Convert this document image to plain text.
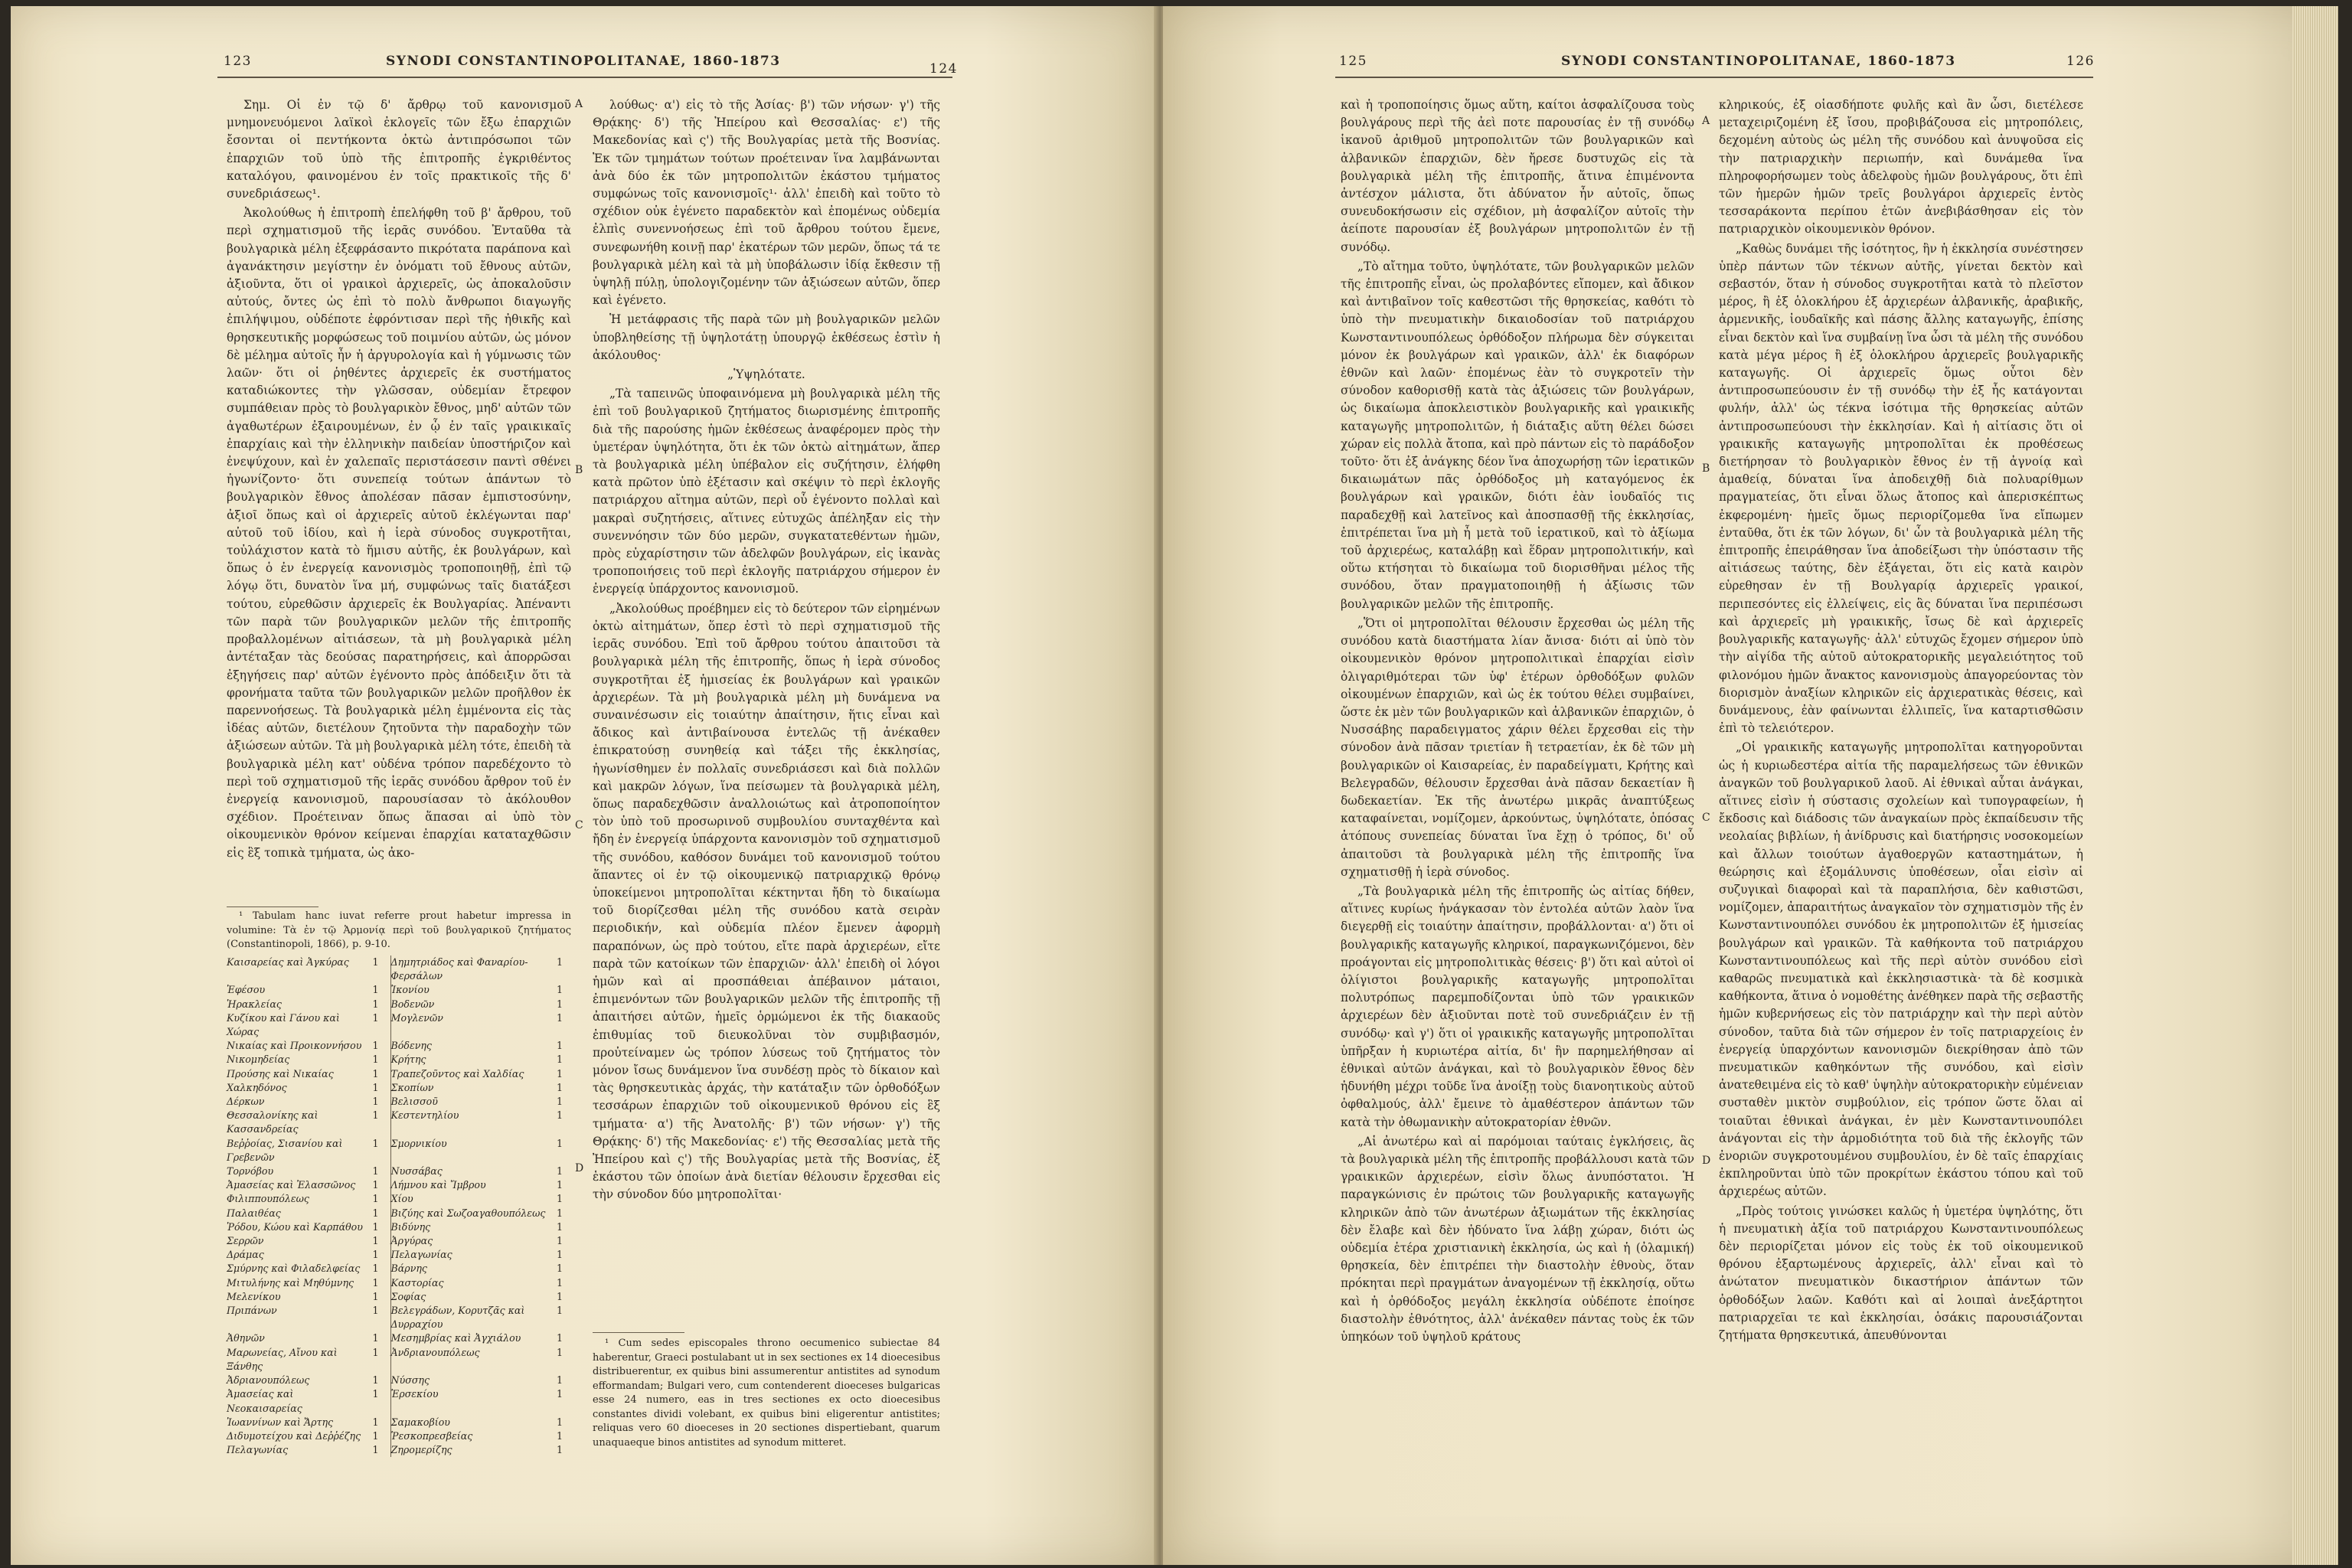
123	SYNODI CONSTANTINOPOLITANAE, 1860-1873	124

Σημ. Οἱ ἐν τῷ δ' ἄρθρῳ τοῦ κανονισμοῦ μνημονευόμενοι λαϊκοὶ ἐκλογεῖς τῶν ἔξω ἐπαρχιῶν ἔσονται οἱ πεντήκοντα ὀκτὼ ἀντιπρόσωποι τῶν ἐπαρχιῶν τοῦ ὑπὸ τῆς ἐπιτροπῆς ἐγκριθέντος καταλόγου, φαινομένου ἐν τοῖς πρακτικοῖς τῆς δ' συνεδριάσεως¹.

Ἀκολούθως ἡ ἐπιτροπὴ ἐπελήφθη τοῦ β' ἄρθρου, τοῦ περὶ σχηματισμοῦ τῆς ἱερᾶς συνόδου. Ἐνταῦθα τὰ βουλγαρικὰ μέλη ἐξεφράσαντο πικρότατα παράπονα καὶ ἀγανάκτησιν μεγίστην ἐν ὀνόματι τοῦ ἔθνους αὐτῶν, ἀξιοῦντα, ὅτι οἱ γραικοὶ ἀρχιερεῖς, ὡς ἀποκαλοῦσιν αὐτούς, ὄντες ὡς ἐπὶ τὸ πολὺ ἄνθρωποι διαγωγῆς ἐπιλήψιμου, οὐδέποτε ἐφρόντισαν περὶ τῆς ἠθικῆς καὶ θρησκευτικῆς μορφώσεως τοῦ ποιμνίου αὐτῶν, ὡς μόνον δὲ μέλημα αὐτοῖς ἦν ἡ ἀργυρολογία καὶ ἡ γύμνωσις τῶν λαῶν· ὅτι οἱ ῥηθέντες ἀρχιερεῖς ἐκ συστήματος καταδιώκοντες τὴν γλῶσσαν, οὐδεμίαν ἔτρεφον συμπάθειαν πρὸς τὸ βουλγαρικὸν ἔθνος, μηδ' αὐτῶν τῶν ἀγαθωτέρων ἐξαιρουμένων, ἐν ᾧ ἐν ταῖς γραικικαῖς ἐπαρχίαις καὶ τὴν ἑλληνικὴν παιδείαν ὑποστήριζον καὶ ἐνεψύχουν, καὶ ἐν χαλεπαῖς περιστάσεσιν παντὶ σθένει ἠγωνίζοντο· ὅτι συνεπείᾳ τούτων ἁπάντων τὸ βουλγαρικὸν ἔθνος ἀπολέσαν πᾶσαν ἐμπιστοσύνην, ἀξιοῖ ὅπως καὶ οἱ ἀρχιερεῖς αὐτοῦ ἐκλέγωνται παρ' αὐτοῦ τοῦ ἰδίου, καὶ ἡ ἱερὰ σύνοδος συγκροτῆται, τοὐλάχιστον κατὰ τὸ ἥμισυ αὐτῆς, ἐκ βουλγάρων, καὶ ὅπως ὁ ἐν ἐνεργείᾳ κανονισμὸς τροποποιηθῇ, ἐπὶ τῷ λόγῳ ὅτι, δυνατὸν ἵνα μή, συμφώνως ταῖς διατάξεσι τούτου, εὑρεθῶσιν ἀρχιερεῖς ἐκ Βουλγαρίας. Ἀπέναντι τῶν παρὰ τῶν βουλγαρικῶν μελῶν τῆς ἐπιτροπῆς προβαλλομένων αἰτιάσεων, τὰ μὴ βουλγαρικὰ μέλη ἀντέταξαν τὰς δεούσας παρατηρήσεις, καὶ ἀπορρῶσαι ἐξηγήσεις παρ' αὐτῶν ἐγένοντο πρὸς ἀπόδειξιν ὅτι τὰ φρονήματα ταῦτα τῶν βουλγαρικῶν μελῶν προῆλθον ἐκ παρεννοήσεως. Τὰ βουλγαρικὰ μέλη ἐμμένοντα εἰς τὰς ἰδέας αὐτῶν, διετέλουν ζητοῦντα τὴν παραδοχὴν τῶν ἀξιώσεων αὐτῶν. Τὰ μὴ βουλγαρικὰ μέλη τότε, ἐπειδὴ τὰ βουλγαρικὰ μέλη κατ' οὐδένα τρόπον παρεδέχοντο τὸ περὶ τοῦ σχηματισμοῦ τῆς ἱερᾶς συνόδου ἄρθρον τοῦ ἐν ἐνεργείᾳ κανονισμοῦ, παρουσίασαν τὸ ἀκόλουθον σχέδιον. Προέτειναν ὅπως ἅπασαι αἱ ὑπὸ τὸν οἰκουμενικὸν θρόνον κείμεναι ἐπαρχίαι καταταχθῶσιν εἰς ἓξ τοπικὰ τμήματα, ὡς ἀκο-

λούθως· α') εἰς τὸ τῆς Ἀσίας· β') τῶν νήσων· γ') τῆς Θρᾴκης· δ') τῆς Ἠπείρου καὶ Θεσσαλίας· ε') τῆς Μακεδονίας καὶ ς') τῆς Βουλγαρίας μετὰ τῆς Βοσνίας. Ἐκ τῶν τμημάτων τούτων προέτειναν ἵνα λαμβάνωνται ἀνὰ δύο ἐκ τῶν μητροπολιτῶν ἑκάστου τμήματος συμφώνως τοῖς κανονισμοῖς¹· ἀλλ' ἐπειδὴ καὶ τοῦτο τὸ σχέδιον οὐκ ἐγένετο παραδεκτὸν καὶ ἐπομένως οὐδεμία ἐλπὶς συνεννοήσεως ἐπὶ τοῦ ἄρθρου τούτου ἔμενε, συνεφωνήθη κοινῇ παρ' ἑκατέρων τῶν μερῶν, ὅπως τά τε βουλγαρικὰ μέλη καὶ τὰ μὴ ὑποβάλωσιν ἰδίᾳ ἔκθεσιν τῇ ὑψηλῇ πύλῃ, ὑπολογιζομένην τῶν ἀξιώσεων αὐτῶν, ὅπερ καὶ ἐγένετο.

Ἡ μετάφρασις τῆς παρὰ τῶν μὴ βουλγαρικῶν μελῶν ὑποβληθείσης τῇ ὑψηλοτάτῃ ὑπουργῷ ἐκθέσεως ἐστὶν ἡ ἀκόλουθος·

„Ὑψηλότατε.

„Τὰ ταπεινῶς ὑποφαινόμενα μὴ βουλγαρικὰ μέλη τῆς ἐπὶ τοῦ βουλγαρικοῦ ζητήματος διωρισμένης ἐπιτροπῆς διὰ τῆς παρούσης ἡμῶν ἐκθέσεως ἀναφέρομεν πρὸς τὴν ὑμετέραν ὑψηλότητα, ὅτι ἐκ τῶν ὀκτὼ αἰτημάτων, ἅπερ τὰ βουλγαρικὰ μέλη ὑπέβαλον εἰς συζήτησιν, ἐλήφθη κατὰ πρῶτον ὑπὸ ἐξέτασιν καὶ σκέψιν τὸ περὶ ἐκλογῆς πατριάρχου αἴτημα αὐτῶν, περὶ οὗ ἐγένοντο πολλαὶ καὶ μακραὶ συζητήσεις, αἵτινες εὐτυχῶς ἀπέληξαν εἰς τὴν συνεννόησιν τῶν δύο μερῶν, συγκατατεθέντων ἡμῶν, πρὸς εὐχαρίστησιν τῶν ἀδελφῶν βουλγάρων, εἰς ἱκανὰς τροποποιήσεις τοῦ περὶ ἐκλογῆς πατριάρχου σήμερον ἐν ἐνεργείᾳ ὑπάρχοντος κανονισμοῦ.

„Ἀκολούθως προέβημεν εἰς τὸ δεύτερον τῶν εἰρημένων ὀκτὼ αἰτημάτων, ὅπερ ἐστὶ τὸ περὶ σχηματισμοῦ τῆς ἱερᾶς συνόδου. Ἐπὶ τοῦ ἄρθρου τούτου ἀπαιτοῦσι τὰ βουλγαρικὰ μέλη τῆς ἐπιτροπῆς, ὅπως ἡ ἱερὰ σύνοδος συγκροτῆται ἐξ ἡμισείας ἐκ βουλγάρων καὶ γραικῶν ἀρχιερέων. Τὰ μὴ βουλγαρικὰ μέλη μὴ δυνάμενα να συναινέσωσιν εἰς τοιαύτην ἀπαίτησιν, ἥτις εἶναι καὶ ἄδικος καὶ ἀντιβαίνουσα ἐντελῶς τῇ ἀνέκαθεν ἐπικρατούσῃ συνηθείᾳ καὶ τάξει τῆς ἐκκλησίας, ἠγωνίσθημεν ἐν πολλαῖς συνεδριάσεσι καὶ διὰ πολλῶν καὶ μακρῶν λόγων, ἵνα πείσωμεν τὰ βουλγαρικὰ μέλη, ὅπως παραδεχθῶσιν ἀναλλοιώτως καὶ ἀτροποποίητον τὸν ὑπὸ τοῦ προσωρινοῦ συμβουλίου συνταχθέντα καὶ ἤδη ἐν ἐνεργείᾳ ὑπάρχοντα κανονισμὸν τοῦ σχηματισμοῦ τῆς συνόδου, καθόσον δυνάμει τοῦ κανονισμοῦ τούτου ἅπαντες οἱ ἐν τῷ οἰκουμενικῷ πατριαρχικῷ θρόνῳ ὑποκείμενοι μητροπολῖται κέκτηνται ἤδη τὸ δικαίωμα τοῦ διορίζεσθαι μέλη τῆς συνόδου κατὰ σειρὰν περιοδικήν, καὶ οὐδεμία πλέον ἔμενεν ἀφορμὴ παραπόνων, ὡς πρὸ τούτου, εἴτε παρὰ ἀρχιερέων, εἴτε παρὰ τῶν κατοίκων τῶν ἐπαρχιῶν· ἀλλ' ἐπειδὴ οἱ λόγοι ἡμῶν καὶ αἱ προσπάθειαι ἀπέβαινον μάταιοι, ἐπιμενόντων τῶν βουλγαρικῶν μελῶν τῆς ἐπιτροπῆς τῇ ἀπαιτήσει αὐτῶν, ἡμεῖς ὁρμώμενοι ἐκ τῆς διακαοῦς ἐπιθυμίας τοῦ διευκολῦναι τὸν συμβιβασμόν, προὐτείναμεν ὡς τρόπον λύσεως τοῦ ζητήματος τὸν μόνον ἴσως δυνάμενον ἵνα συνδέσῃ πρὸς τὸ δίκαιον καὶ τὰς θρησκευτικὰς ἀρχάς, τὴν κατάταξιν τῶν ὀρθοδόξων τεσσάρων ἐπαρχιῶν τοῦ οἰκουμενικοῦ θρόνου εἰς ἓξ τμήματα· α') τῆς Ἀνατολῆς· β') τῶν νήσων· γ') τῆς Θρᾴκης· δ') τῆς Μακεδονίας· ε') τῆς Θεσσαλίας μετὰ τῆς Ἠπείρου καὶ ς') τῆς Βουλγαρίας μετὰ τῆς Βοσνίας, ἐξ ἑκάστου τῶν ὁποίων ἀνὰ διετίαν θέλουσιν ἔρχεσθαι εἰς τὴν σύνοδον δύο μητροπολῖται·

¹ Tabulam hanc iuvat referre prout habetur impressa in volumine: Τὰ ἐν τῷ Ἀρμονίᾳ περὶ τοῦ βουλγαρικοῦ ζητήματος (Constantinopoli, 1866), p. 9-10.

Καισαρείας καὶ Ἀγκύρας	1		Δημητριάδος καὶ Φαναρίου-Φερσάλων	1
Ἐφέσου	1		Ἰκονίου	1
Ἡρακλείας	1		Βοδενῶν	1
Κυζίκου καὶ Γάνου καὶ Χώρας	1		Μογλενῶν	1
Νικαίας καὶ Προικοννήσου	1		Βόδενης	1
Νικομηδείας	1		Κρήτης	1
Προύσης καὶ Νικαίας	1		Τραπεζοῦντος καὶ Χαλδίας	1
Χαλκηδόνος	1		Σκοπίων	1
Δέρκων	1		Βελισσοῦ	1
Θεσσαλονίκης καὶ Κασσανδρείας	1		Κεστεντηλίου	1
Βεῤῥοίας, Σισανίου καὶ Γρεβενῶν	1		Σμορνικίου	1
Τορνόβου	1		Νυσσάβας	1
Ἀμασείας καὶ Ἐλασσῶνος	1		Λήμνου καὶ Ἴμβρου	1
Φιλιππουπόλεως	1		Χίου	1
Παλαιθέας	1		Βιζύης καὶ Σωζοαγαθουπόλεως	1
Ῥόδου, Κώου καὶ Καρπάθου	1		Βιδύνης	1
Σερρῶν	1		Ἀργύρας	1
Δράμας	1		Πελαγωνίας	1
Σμύρνης καὶ Φιλαδελφείας	1		Βάρνης	1
Μιτυλήνης καὶ Μηθύμνης	1		Καστορίας	1
Μελενίκου	1		Σοφίας	1
Πριπάνων	1		Βελεγράδων, Κορυτζᾶς καὶ Δυρραχίου	1
Ἀθηνῶν	1		Μεσημβρίας καὶ Ἀγχιάλου	1
Μαρωνείας, Αἴνου καὶ Ξάνθης	1		Ἀνδριανουπόλεως	1
Ἀδριανουπόλεως	1		Νύσσης	1
Ἀμασείας καὶ Νεοκαισαρείας	1		Ἐρσεκίου	1
Ἰωαννίνων καὶ Ἄρτης	1		Σαμακοβίου	1
Διδυμοτείχου καὶ Δεῤῥέζης	1		Ῥεσκοπρεσβείας	1
Πελαγωνίας	1		Ζηρομερίζης	1

¹ Cum sedes episcopales throno oecumenico subiectae 84 haberentur, Graeci postulabant ut in sex sectiones ex 14 dioecesibus distribuerentur, ex quibus bini assumerentur antistites ad synodum efformandam; Bulgari vero, cum contenderent dioeceses bulgaricas esse 24 numero, eas in tres sectiones ex octo dioecesibus constantes dividi volebant, ex quibus bini eligerentur antistites; reliquas vero 60 dioeceses in 20 sectiones dispertiebant, quarum unaquaeque binos antistites ad synodum mitteret.

A
B
C
D
125	SYNODI CONSTANTINOPOLITANAE, 1860-1873	126

καὶ ἡ τροποποίησις ὅμως αὕτη, καίτοι ἀσφαλίζουσα τοὺς βουλγάρους περὶ τῆς ἀεὶ ποτε παρουσίας ἐν τῇ συνόδῳ ἱκανοῦ ἀριθμοῦ μητροπολιτῶν τῶν βουλγαρικῶν καὶ ἀλβανικῶν ἐπαρχιῶν, δὲν ἤρεσε δυστυχῶς εἰς τὰ βουλγαρικὰ μέλη τῆς ἐπιτροπῆς, ἅτινα ἐπιμένοντα ἀντέσχον μάλιστα, ὅτι ἀδύνατον ἦν αὐτοῖς, ὅπως συνευδοκήσωσιν εἰς σχέδιον, μὴ ἀσφαλίζον αὐτοῖς τὴν ἀείποτε παρουσίαν ἐξ βουλγάρων μητροπολιτῶν ἐν τῇ συνόδῳ.

„Τὸ αἴτημα τοῦτο, ὑψηλότατε, τῶν βουλγαρικῶν μελῶν τῆς ἐπιτροπῆς εἶναι, ὡς προλαβόντες εἴπομεν, καὶ ἄδικον καὶ ἀντιβαῖνον τοῖς καθεστῶσι τῆς θρησκείας, καθότι τὸ ὑπὸ τὴν πνευματικὴν δικαιοδοσίαν τοῦ πατριάρχου Κωνσταντινουπόλεως ὀρθόδοξον πλήρωμα δὲν σύγκειται μόνον ἐκ βουλγάρων καὶ γραικῶν, ἀλλ' ἐκ διαφόρων ἐθνῶν καὶ λαῶν· ἐπομένως ἐὰν τὸ συγκροτεῖν τὴν σύνοδον καθορισθῇ κατὰ τὰς ἀξιώσεις τῶν βουλγάρων, ὡς δικαίωμα ἀποκλειστικὸν βουλγαρικῆς καὶ γραικικῆς καταγωγῆς μητροπολιτῶν, ἡ διάταξις αὕτη θέλει δώσει χώραν εἰς πολλὰ ἄτοπα, καὶ πρὸ πάντων εἰς τὸ παράδοξον τοῦτο· ὅτι ἐξ ἀνάγκης δέον ἵνα ἀποχωρήσῃ τῶν ἱερατικῶν δικαιωμάτων πᾶς ὀρθόδοξος μὴ καταγόμενος ἐκ βουλγάρων καὶ γραικῶν, διότι ἐὰν ἰουδαῖός τις παραδεχθῇ καὶ λατεῖνος καὶ ἀποσπασθῇ τῆς ἐκκλησίας, ἐπιτρέπεται ἵνα μὴ ἦ μετὰ τοῦ ἱερατικοῦ, καὶ τὸ ἀξίωμα τοῦ ἀρχιερέως, καταλάβῃ καὶ ἕδραν μητροπολιτικήν, καὶ οὕτω κτήσηται τὸ δικαίωμα τοῦ διορισθῆναι μέλος τῆς συνόδου, ὅταν πραγματοποιηθῇ ἡ ἀξίωσις τῶν βουλγαρικῶν μελῶν τῆς ἐπιτροπῆς.

„Ὅτι οἱ μητροπολῖται θέλουσιν ἔρχεσθαι ὡς μέλη τῆς συνόδου κατὰ διαστήματα λίαν ἄνισα· διότι αἱ ὑπὸ τὸν οἰκουμενικὸν θρόνον μητροπολιτικαὶ ἐπαρχίαι εἰσὶν ὀλιγαριθμότεραι τῶν ὑφ' ἑτέρων ὀρθοδόξων φυλῶν οἰκουμένων ἐπαρχιῶν, καὶ ὡς ἐκ τούτου θέλει συμβαίνει, ὥστε ἐκ μὲν τῶν βουλγαρικῶν καὶ ἀλβανικῶν ἐπαρχιῶν, ὁ Νυσσάβης παραδειγματος χάριν θέλει ἔρχεσθαι εἰς τὴν σύνοδον ἀνὰ πᾶσαν τριετίαν ἢ τετραετίαν, ἐκ δὲ τῶν μὴ βουλγαρικῶν οἱ Καισαρείας, ἐν παραδείγματι, Κρήτης καὶ Βελεγραδῶν, θέλουσιν ἔρχεσθαι ἀνὰ πᾶσαν δεκαετίαν ἢ δωδεκαετίαν. Ἐκ τῆς ἀνωτέρω μικρᾶς ἀναπτύξεως καταφαίνεται, νομίζομεν, ἀρκούντως, ὑψηλότατε, ὁπόσας ἀτόπους συνεπείας δύναται ἵνα ἔχῃ ὁ τρόπος, δι' οὗ ἀπαιτοῦσι τὰ βουλγαρικὰ μέλη τῆς ἐπιτροπῆς ἵνα σχηματισθῇ ἡ ἱερὰ σύνοδος.

„Τὰ βουλγαρικὰ μέλη τῆς ἐπιτροπῆς ὡς αἰτίας δήθεν, αἵτινες κυρίως ἠνάγκασαν τὸν ἐντολέα αὐτῶν λαὸν ἵνα διεγερθῇ εἰς τοιαύτην ἀπαίτησιν, προβάλλονται· α') ὅτι οἱ βουλγαρικῆς καταγωγῆς κληρικοί, παραγκωνιζόμενοι, δὲν προάγονται εἰς μητροπολιτικὰς θέσεις· β') ὅτι καὶ αὐτοὶ οἱ ὀλίγιστοι βουλγαρικῆς καταγωγῆς μητροπολῖται πολυτρόπως παρεμποδίζονται ὑπὸ τῶν γραικικῶν ἀρχιερέων δὲν ἀξιοῦνται ποτὲ τοῦ συνεδριάζειν ἐν τῇ συνόδῳ· καὶ γ') ὅτι οἱ γραικικῆς καταγωγῆς μητροπολῖται ὑπῆρξαν ἡ κυριωτέρα αἰτία, δι' ἣν παρημελήθησαν αἱ ἐθνικαὶ αὐτῶν ἀνάγκαι, καὶ τὸ βουλγαρικὸν ἔθνος δὲν ἠδυνήθη μέχρι τοῦδε ἵνα ἀνοίξῃ τοὺς διανοητικοὺς αὐτοῦ ὀφθαλμούς, ἀλλ' ἔμεινε τὸ ἀμαθέστερον ἁπάντων τῶν κατὰ τὴν ὀθωμανικὴν αὐτοκρατορίαν ἐθνῶν.

„Αἱ ἀνωτέρω καὶ αἱ παρόμοιαι ταύταις ἐγκλήσεις, ἃς τὰ βουλγαρικὰ μέλη τῆς ἐπιτροπῆς προβάλλουσι κατὰ τῶν γραικικῶν ἀρχιερέων, εἰσὶν ὅλως ἀνυπόστατοι. Ἡ παραγκώνισις ἐν πρώτοις τῶν βουλγαρικῆς καταγωγῆς κληρικῶν ἀπὸ τῶν ἀνωτέρων ἀξιωμάτων τῆς ἐκκλησίας δὲν ἔλαβε καὶ δὲν ἠδύνατο ἵνα λάβῃ χώραν, διότι ὡς οὐδεμία ἑτέρα χριστιανικὴ ἐκκλησία, ὡς καὶ ἡ (ὀλαμική) θρησκεία, δὲν ἐπιτρέπει τὴν διαστολὴν ἐθνοὺς, ὅταν πρόκηται περὶ πραγμάτων ἀναγομένων τῇ ἐκκλησίᾳ, οὕτω καὶ ἡ ὀρθόδοξος μεγάλη ἐκκλησία οὐδέποτε ἐποίησε διαστολὴν ἐθνότητος, ἀλλ' ἀνέκαθεν πάντας τοὺς ἐκ τῶν ὑπηκόων τοῦ ὑψηλοῦ κράτους

κληρικούς, ἐξ οἱασδήποτε φυλῆς καὶ ἂν ὦσι, διετέλεσε μεταχειριζομένη ἐξ ἴσου, προβιβάζουσα εἰς μητροπόλεις, δεχομένη αὐτοὺς ὡς μέλη τῆς συνόδου καὶ ἀνυψοῦσα εἰς τὴν πατριαρχικὴν περιωπήν, καὶ δυνάμεθα ἵνα πληροφορήσωμεν τοὺς ἀδελφοὺς ἡμῶν βουλγάρους, ὅτι ἐπὶ τῶν ἡμερῶν ἡμῶν τρεῖς βουλγάροι ἀρχιερεῖς ἐντὸς τεσσαράκοντα περίπου ἐτῶν ἀνεβιβάσθησαν εἰς τὸν πατριαρχικὸν οἰκουμενικὸν θρόνον.

„Καθὼς δυνάμει τῆς ἰσότητος, ἣν ἡ ἐκκλησία συνέστησεν ὑπὲρ πάντων τῶν τέκνων αὐτῆς, γίνεται δεκτὸν καὶ σεβαστόν, ὅταν ἡ σύνοδος συγκροτῆται κατὰ τὸ πλεῖστον μέρος, ἢ ἐξ ὁλοκλήρου ἐξ ἀρχιερέων ἀλβανικῆς, ἀραβικῆς, ἀρμενικῆς, ἰουδαϊκῆς καὶ πάσης ἄλλης καταγωγῆς, ἐπίσης εἶναι δεκτὸν καὶ ἵνα συμβαίνῃ ἵνα ὦσι τὰ μέλη τῆς συνόδου κατὰ μέγα μέρος ἢ ἐξ ὁλοκλήρου ἀρχιερεῖς βουλγαρικῆς καταγωγῆς. Οἱ ἀρχιερεῖς ὅμως οὗτοι δὲν ἀντιπροσωπεύουσιν ἐν τῇ συνόδῳ τὴν ἐξ ἧς κατάγονται φυλήν, ἀλλ' ὡς τέκνα ἰσότιμα τῆς θρησκείας αὐτῶν ἀντιπροσωπεύουσι τὴν ἐκκλησίαν. Καὶ ἡ αἰτίασις ὅτι οἱ γραικικῆς καταγωγῆς μητροπολῖται ἐκ προθέσεως διετήρησαν τὸ βουλγαρικὸν ἔθνος ἐν τῇ ἀγνοίᾳ καὶ ἀμαθείᾳ, δύναται ἵνα ἀποδειχθῇ διὰ πολυαρίθμων πραγματείας, ὅτι εἶναι ὅλως ἄτοπος καὶ ἀπερισκέπτως ἐκφερομένη· ἡμεῖς ὅμως περιορίζομεθα ἵνα εἴπωμεν ἐνταῦθα, ὅτι ἐκ τῶν λόγων, δι' ὧν τὰ βουλγαρικὰ μέλη τῆς ἐπιτροπῆς ἐπειράθησαν ἵνα ἀποδείξωσι τὴν ὑπόστασιν τῆς αἰτιάσεως ταύτης, δὲν ἐξάγεται, ὅτι εἰς κατὰ καιρὸν εὑρεθησαν ἐν τῇ Βουλγαρίᾳ ἀρχιερεῖς γραικοί, περιπεσόντες εἰς ἐλλείψεις, εἰς ἃς δύναται ἵνα περιπέσωσι καὶ ἀρχιερεῖς μὴ γραικικῆς, ἴσως δὲ καὶ ἀρχιερεῖς βουλγαρικῆς καταγωγῆς· ἀλλ' εὐτυχῶς ἔχομεν σήμερον ὑπὸ τὴν αἰγίδα τῆς αὐτοῦ αὐτοκρατορικῆς μεγαλειότητος τοῦ φιλονόμου ἡμῶν ἄνακτος κανονισμοὺς ἀπαγορεύοντας τὸν διορισμὸν ἀναξίων κληρικῶν εἰς ἀρχιερατικὰς θέσεις, καὶ δυνάμενους, ἐὰν φαίνωνται ἐλλιπεῖς, ἵνα καταρτισθῶσιν ἐπὶ τὸ τελειότερον.

„Οἱ γραικικῆς καταγωγῆς μητροπολῖται κατηγοροῦνται ὡς ἡ κυριωδεστέρα αἰτία τῆς παραμελήσεως τῶν ἐθνικῶν ἀναγκῶν τοῦ βουλγαρικοῦ λαοῦ. Αἱ ἐθνικαὶ αὗται ἀνάγκαι, αἵτινες εἰσὶν ἡ σύστασις σχολείων καὶ τυπογραφείων, ἡ ἔκδοσις καὶ διάδοσις τῶν ἀναγκαίων πρὸς ἐκπαίδευσιν τῆς νεολαίας βιβλίων, ἡ ἀνίδρυσις καὶ διατήρησις νοσοκομείων καὶ ἄλλων τοιούτων ἀγαθοεργῶν καταστημάτων, ἡ θεώρησις καὶ ἐξομάλυνσις ὑποθέσεων, οἷαι εἰσὶν αἱ συζυγικαὶ διαφοραὶ καὶ τὰ παραπλήσια, δὲν καθιστῶσι, νομίζομεν, ἀπαραιτήτως ἀναγκαῖον τὸν σχηματισμὸν τῆς ἐν Κωνσταντινουπόλει συνόδου ἐκ μητροπολιτῶν ἐξ ἡμισείας βουλγάρων καὶ γραικῶν. Τὰ καθήκοντα τοῦ πατριάρχου Κωνσταντινουπόλεως καὶ τῆς περὶ αὐτὸν συνόδου εἰσὶ καθαρῶς πνευματικὰ καὶ ἐκκλησιαστικὰ· τὰ δὲ κοσμικὰ καθήκοντα, ἅτινα ὁ νομοθέτης ἀνέθηκεν παρὰ τῆς σεβαστῆς ἡμῶν κυβερνήσεως εἰς τὸν πατριάρχην καὶ τὴν περὶ αὐτὸν σύνοδον, ταῦτα διὰ τῶν σήμερον ἐν τοῖς πατριαρχείοις ἐν ἐνεργείᾳ ὑπαρχόντων κανονισμῶν διεκρίθησαν ἀπὸ τῶν πνευματικῶν καθηκόντων τῆς συνόδου, καὶ εἰσὶν ἀνατεθειμένα εἰς τὸ καθ' ὑψηλὴν αὐτοκρατορικὴν εὐμένειαν συσταθὲν μικτὸν συμβούλιον, εἰς τρόπον ὥστε ὅλαι αἱ τοιαῦται ἐθνικαὶ ἀνάγκαι, ἐν μὲν Κωνσταντινουπόλει ἀνάγονται εἰς τὴν ἁρμοδιότητα τοῦ διὰ τῆς ἐκλογῆς τῶν ἐνοριῶν συγκροτουμένου συμβουλίου, ἐν δὲ ταῖς ἐπαρχίαις ἐκπληροῦνται ὑπὸ τῶν προκρίτων ἑκάστου τόπου καὶ τοῦ ἀρχιερέως αὐτῶν.

„Πρὸς τούτοις γινώσκει καλῶς ἡ ὑμετέρα ὑψηλότης, ὅτι ἡ πνευματικὴ ἀξία τοῦ πατριάρχου Κωνσταντινουπόλεως δὲν περιορίζεται μόνον εἰς τοὺς ἐκ τοῦ οἰκουμενικοῦ θρόνου ἐξαρτωμένους ἀρχιερεῖς, ἀλλ' εἶναι καὶ τὸ ἀνώτατον πνευματικὸν δικαστήριον ἁπάντων τῶν ὀρθοδόξων λαῶν. Καθότι καὶ αἱ λοιπαὶ ἀνεξάρτητοι πατριαρχεῖαι τε καὶ ἐκκλησίαι, ὁσάκις παρουσιάζονται ζητήματα θρησκευτικά, ἀπευθύνονται

A
B
C
D
